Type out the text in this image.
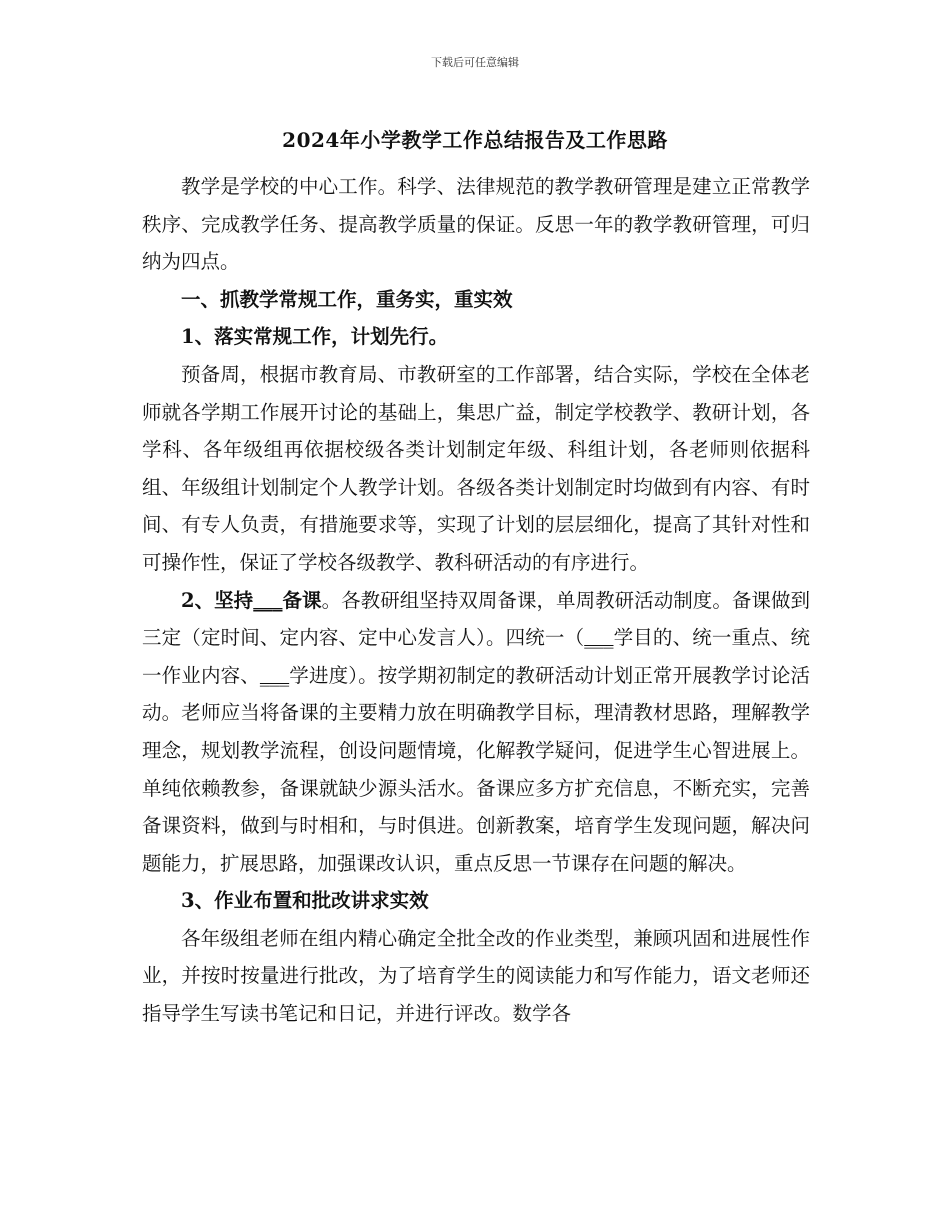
下载后可任意编辑
2024年小学教学工作总结报告及工作思路

教学是学校的中心工作。科学、法律规范的教学教研管理是建立正常教学秩序、完成教学任务、提高教学质量的保证。反思一年的教学教研管理，可归纳为四点。

一、抓教学常规工作，重务实，重实效

1、落实常规工作，计划先行。

预备周，根据市教育局、市教研室的工作部署，结合实际，学校在全体老师就各学期工作展开讨论的基础上，集思广益，制定学校教学、教研计划，各学科、各年级组再依据校级各类计划制定年级、科组计划，各老师则依据科组、年级组计划制定个人教学计划。各级各类计划制定时均做到有内容、有时间、有专人负责，有措施要求等，实现了计划的层层细化，提高了其针对性和可操作性，保证了学校各级教学、教科研活动的有序进行。

2、坚持___备课。各教研组坚持双周备课，单周教研活动制度。备课做到三定（定时间、定内容、定中心发言人）。四统一（___学目的、统一重点、统一作业内容、___学进度）。按学期初制定的教研活动计划正常开展教学讨论活动。老师应当将备课的主要精力放在明确教学目标，理清教材思路，理解教学理念，规划教学流程，创设问题情境，化解教学疑问，促进学生心智进展上。单纯依赖教参，备课就缺少源头活水。备课应多方扩充信息，不断充实，完善备课资料，做到与时相和，与时俱进。创新教案，培育学生发现问题，解决问题能力，扩展思路，加强课改认识，重点反思一节课存在问题的解决。

3、作业布置和批改讲求实效

各年级组老师在组内精心确定全批全改的作业类型，兼顾巩固和进展性作业，并按时按量进行批改，为了培育学生的阅读能力和写作能力，语文老师还指导学生写读书笔记和日记，并进行评改。数学各
